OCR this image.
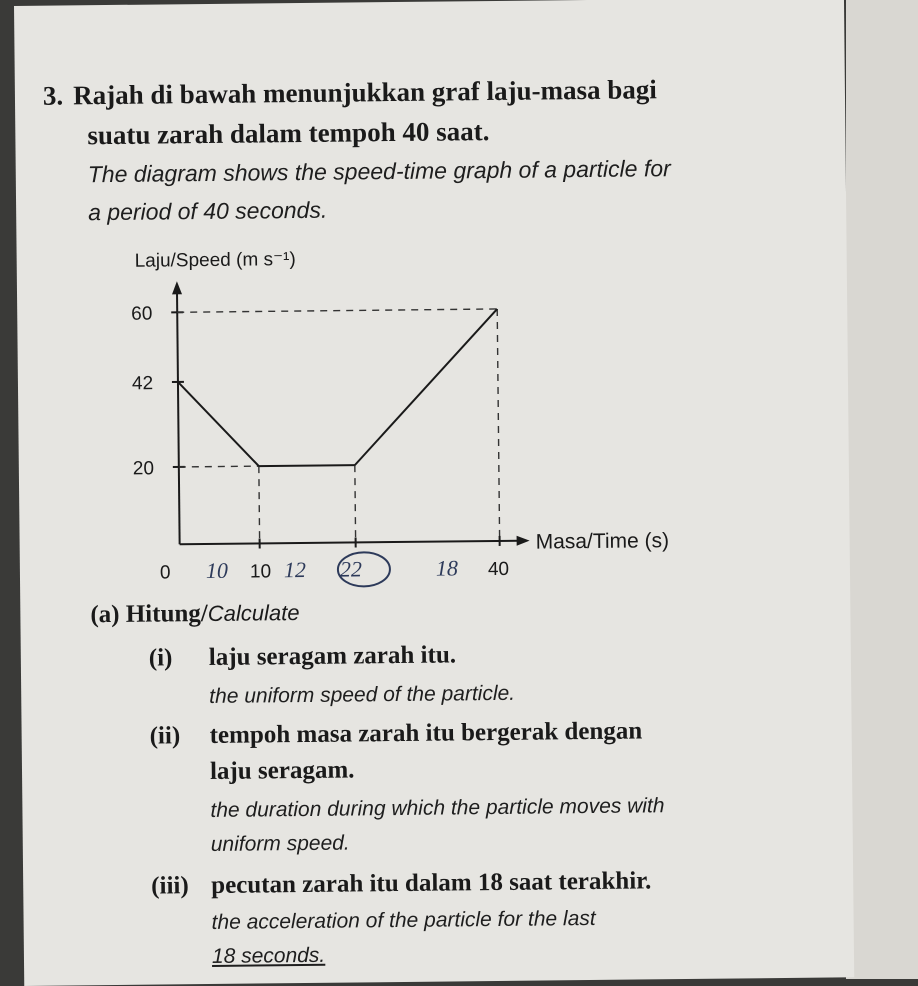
3. Rajah di bawah menunjukkan graf laju-masa bagi
suatu zarah dalam tempoh 40 saat.
The diagram shows the speed-time graph of a particle for
a period of 40 seconds.
Laju/Speed (m s⁻¹)
Masa/Time (s)
60
42
20
0	10	40
10	12 22	18
(a) Hitung/Calculate
(i) laju seragam zarah itu.
the uniform speed of the particle.
(ii) tempoh masa zarah itu bergerak dengan
laju seragam.
the duration during which the particle moves with
uniform speed.
(iii) pecutan zarah itu dalam 18 saat terakhir.
the acceleration of the particle for the last
18 seconds.
